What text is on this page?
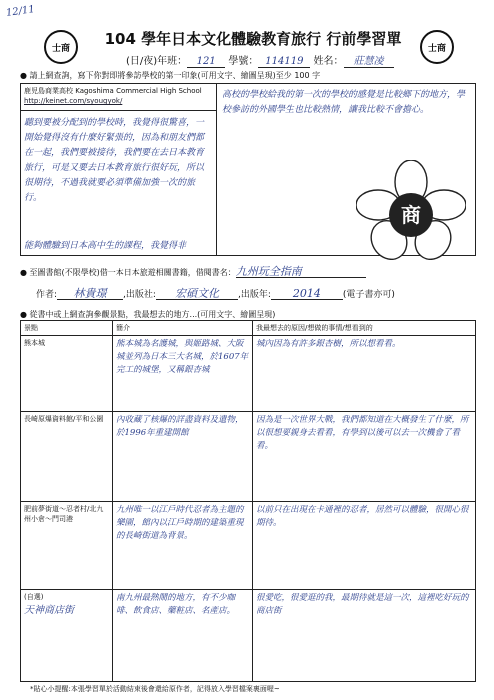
12/11
士商	士商
104 學年日本文化體驗教育旅行 行前學習單
(日/夜)年班： 121 學號： 114119 姓名： 莊慧凌
● 請上網查詢，寫下你對即將參訪學校的第一印象(可用文字、繪圖呈現)至少 100 字
鹿児島商業高校 Kagoshima Commercial High School
http://keinet.com/syougyok/
聽到要被分配到的學校時，我覺得很驚喜，一開始覺得沒有什麼好緊張的，因為和朋友們都在一起，我們要被接待，我們要在去日本教育旅行，可是又要去日本教育旅行很好玩，所以很期待，不過我就要必須準備加強一次的旅行。
能夠體驗到日本高中生的課程，我覺得非
高校的學校給我的第一次的學校的感覺是比較鄉下的地方，學校參訪的外國學生也比較熱情，讓我比較不會擔心。
商
● 至圖書館(不限學校)借一本日本旅遊相關書籍，借閱書名：九州玩全指南
作者: 林貴璟 ,出版社: 宏碩文化 ,出版年: 2014 (電子書亦可)
● 從書中或上網查詢參觀景點，我最想去的地方...(可用文字、繪圖呈現)
景點	簡介	我最想去的原因/想做的事情/想看到的

熊本城	熊本城為名護城，與姬路城、大阪城並列為日本三大名城，於1607年完工的城堡，又稱銀杏城	城內因為有許多銀杏樹，所以想看看。

長崎原爆資料館/平和公園	內收藏了核爆的詳盡資料及遺物，於1996年重建開館	因為是一次世界大戰，我們都知道在大概發生了什麼，所以很想要親身去看看，有學到以後可以去一次機會了看看。

肥前夢街道～忍者村/北九州小倉～門司港	九州唯一以江戶時代忍者為主題的樂園，館內以江戶時期的建築重現的長崎街道為背景。	以前只在出現在卡通裡的忍者，居然可以體驗，很開心很期待。

(自選)
天神商店街	南九州最熱鬧的地方，有不少咖啡、飲食店、藥粧店、名產店。	很愛吃，很愛逛的我，最期待就是這一次，這裡吃好玩的商店街
*貼心小提醒:本張學習單於活動結束後會還給原作者，記得放入學習檔案裏面喔~
